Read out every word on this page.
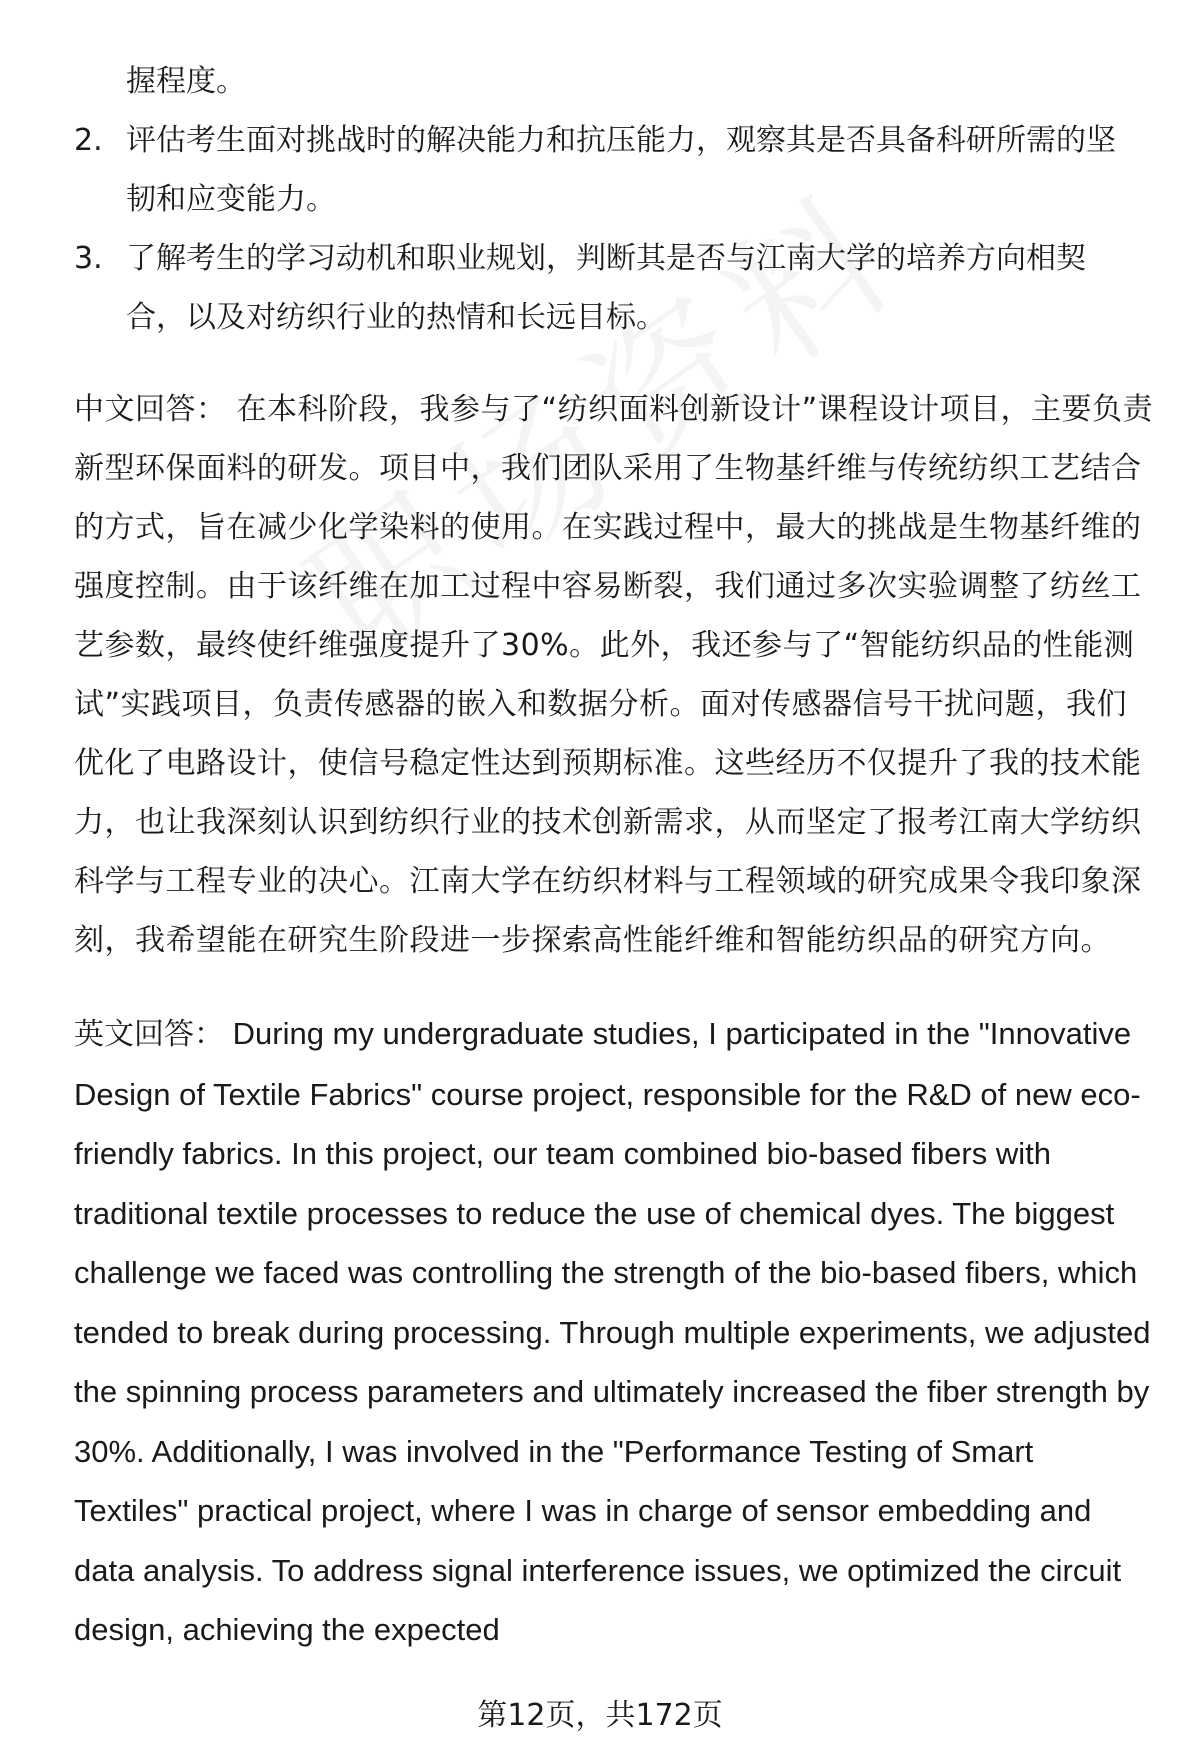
握程度。
2. 评估考生面对挑战时的解决能力和抗压能力，观察其是否具备科研所需的坚韧和应变能力。
3. 了解考生的学习动机和职业规划，判断其是否与江南大学的培养方向相契合，以及对纺织行业的热情和长远目标。

中文回答： 在本科阶段，我参与了“纺织面料创新设计”课程设计项目，主要负责新型环保面料的研发。项目中，我们团队采用了生物基纤维与传统纺织工艺结合的方式，旨在减少化学染料的使用。在实践过程中，最大的挑战是生物基纤维的强度控制。由于该纤维在加工过程中容易断裂，我们通过多次实验调整了纺丝工艺参数，最终使纤维强度提升了30%。此外，我还参与了“智能纺织品的性能测试”实践项目，负责传感器的嵌入和数据分析。面对传感器信号干扰问题，我们优化了电路设计，使信号稳定性达到预期标准。这些经历不仅提升了我的技术能力，也让我深刻认识到纺织行业的技术创新需求，从而坚定了报考江南大学纺织科学与工程专业的决心。江南大学在纺织材料与工程领域的研究成果令我印象深刻，我希望能在研究生阶段进一步探索高性能纤维和智能纺织品的研究方向。

英文回答： During my undergraduate studies, I participated in the "Innovative Design of Textile Fabrics" course project, responsible for the R&D of new eco-friendly fabrics. In this project, our team combined bio-based fibers with traditional textile processes to reduce the use of chemical dyes. The biggest challenge we faced was controlling the strength of the bio-based fibers, which tended to break during processing. Through multiple experiments, we adjusted the spinning process parameters and ultimately increased the fiber strength by 30%. Additionally, I was involved in the "Performance Testing of Smart Textiles" practical project, where I was in charge of sensor embedding and data analysis. To address signal interference issues, we optimized the circuit design, achieving the expected

第12页，共172页
